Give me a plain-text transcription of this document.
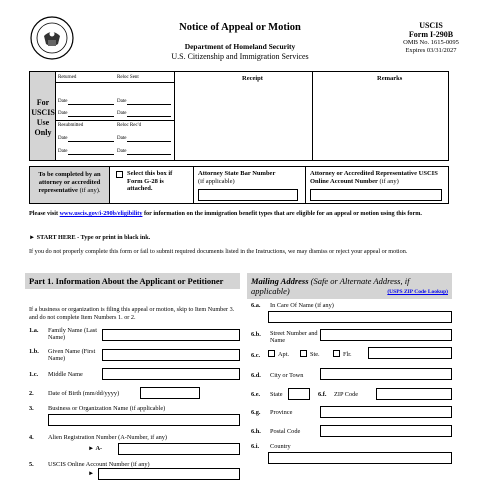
Notice of Appeal or Motion
Department of Homeland Security
U.S. Citizenship and Immigration Services
USCIS
Form I-290B
OMB No. 1615-0095
Expires 03/31/2027
For
USCIS
Use
Only
Receipt	Remarks
Returned	Reloc Sent
Date	Date
Date	Date
Resubmitted	Reloc Rec'd
Date	Date
Date	Date
To be completed by an attorney or accredited representative (if any).
Select this box if Form G-28 is attached.
Attorney State Bar Number
(if applicable)
Attorney or Accredited Representative USCIS Online Account Number (if any)
Please visit www.uscis.gov/i-290b/eligibility for information on the immigration benefit types that are eligible for an appeal or motion using this form.
► START HERE - Type or print in black ink.
If you do not properly complete this form or fail to submit required documents listed in the Instructions, we may dismiss or reject your appeal or motion.
Part 1. Information About the Applicant or Petitioner
If a business or organization is filing this appeal or motion, skip to Item Number 3. and do not complete Item Numbers 1. or 2.
1.a. Family Name (Last Name)
1.b. Given Name (First Name)
1.c. Middle Name
2. Date of Birth (mm/dd/yyyy)
3. Business or Organization Name (if applicable)
4. Alien Registration Number (A-Number, if any)
► A-
5. USCIS Online Account Number (if any)
►
Mailing Address (Safe or Alternate Address, if applicable)	(USPS ZIP Code Lookup)
6.a. In Care Of Name (if any)
6.b. Street Number and Name
6.c.	Apt.	Ste.	Flr.
6.d. City or Town
6.e. State	6.f. ZIP Code
6.g. Province
6.h. Postal Code
6.i. Country
